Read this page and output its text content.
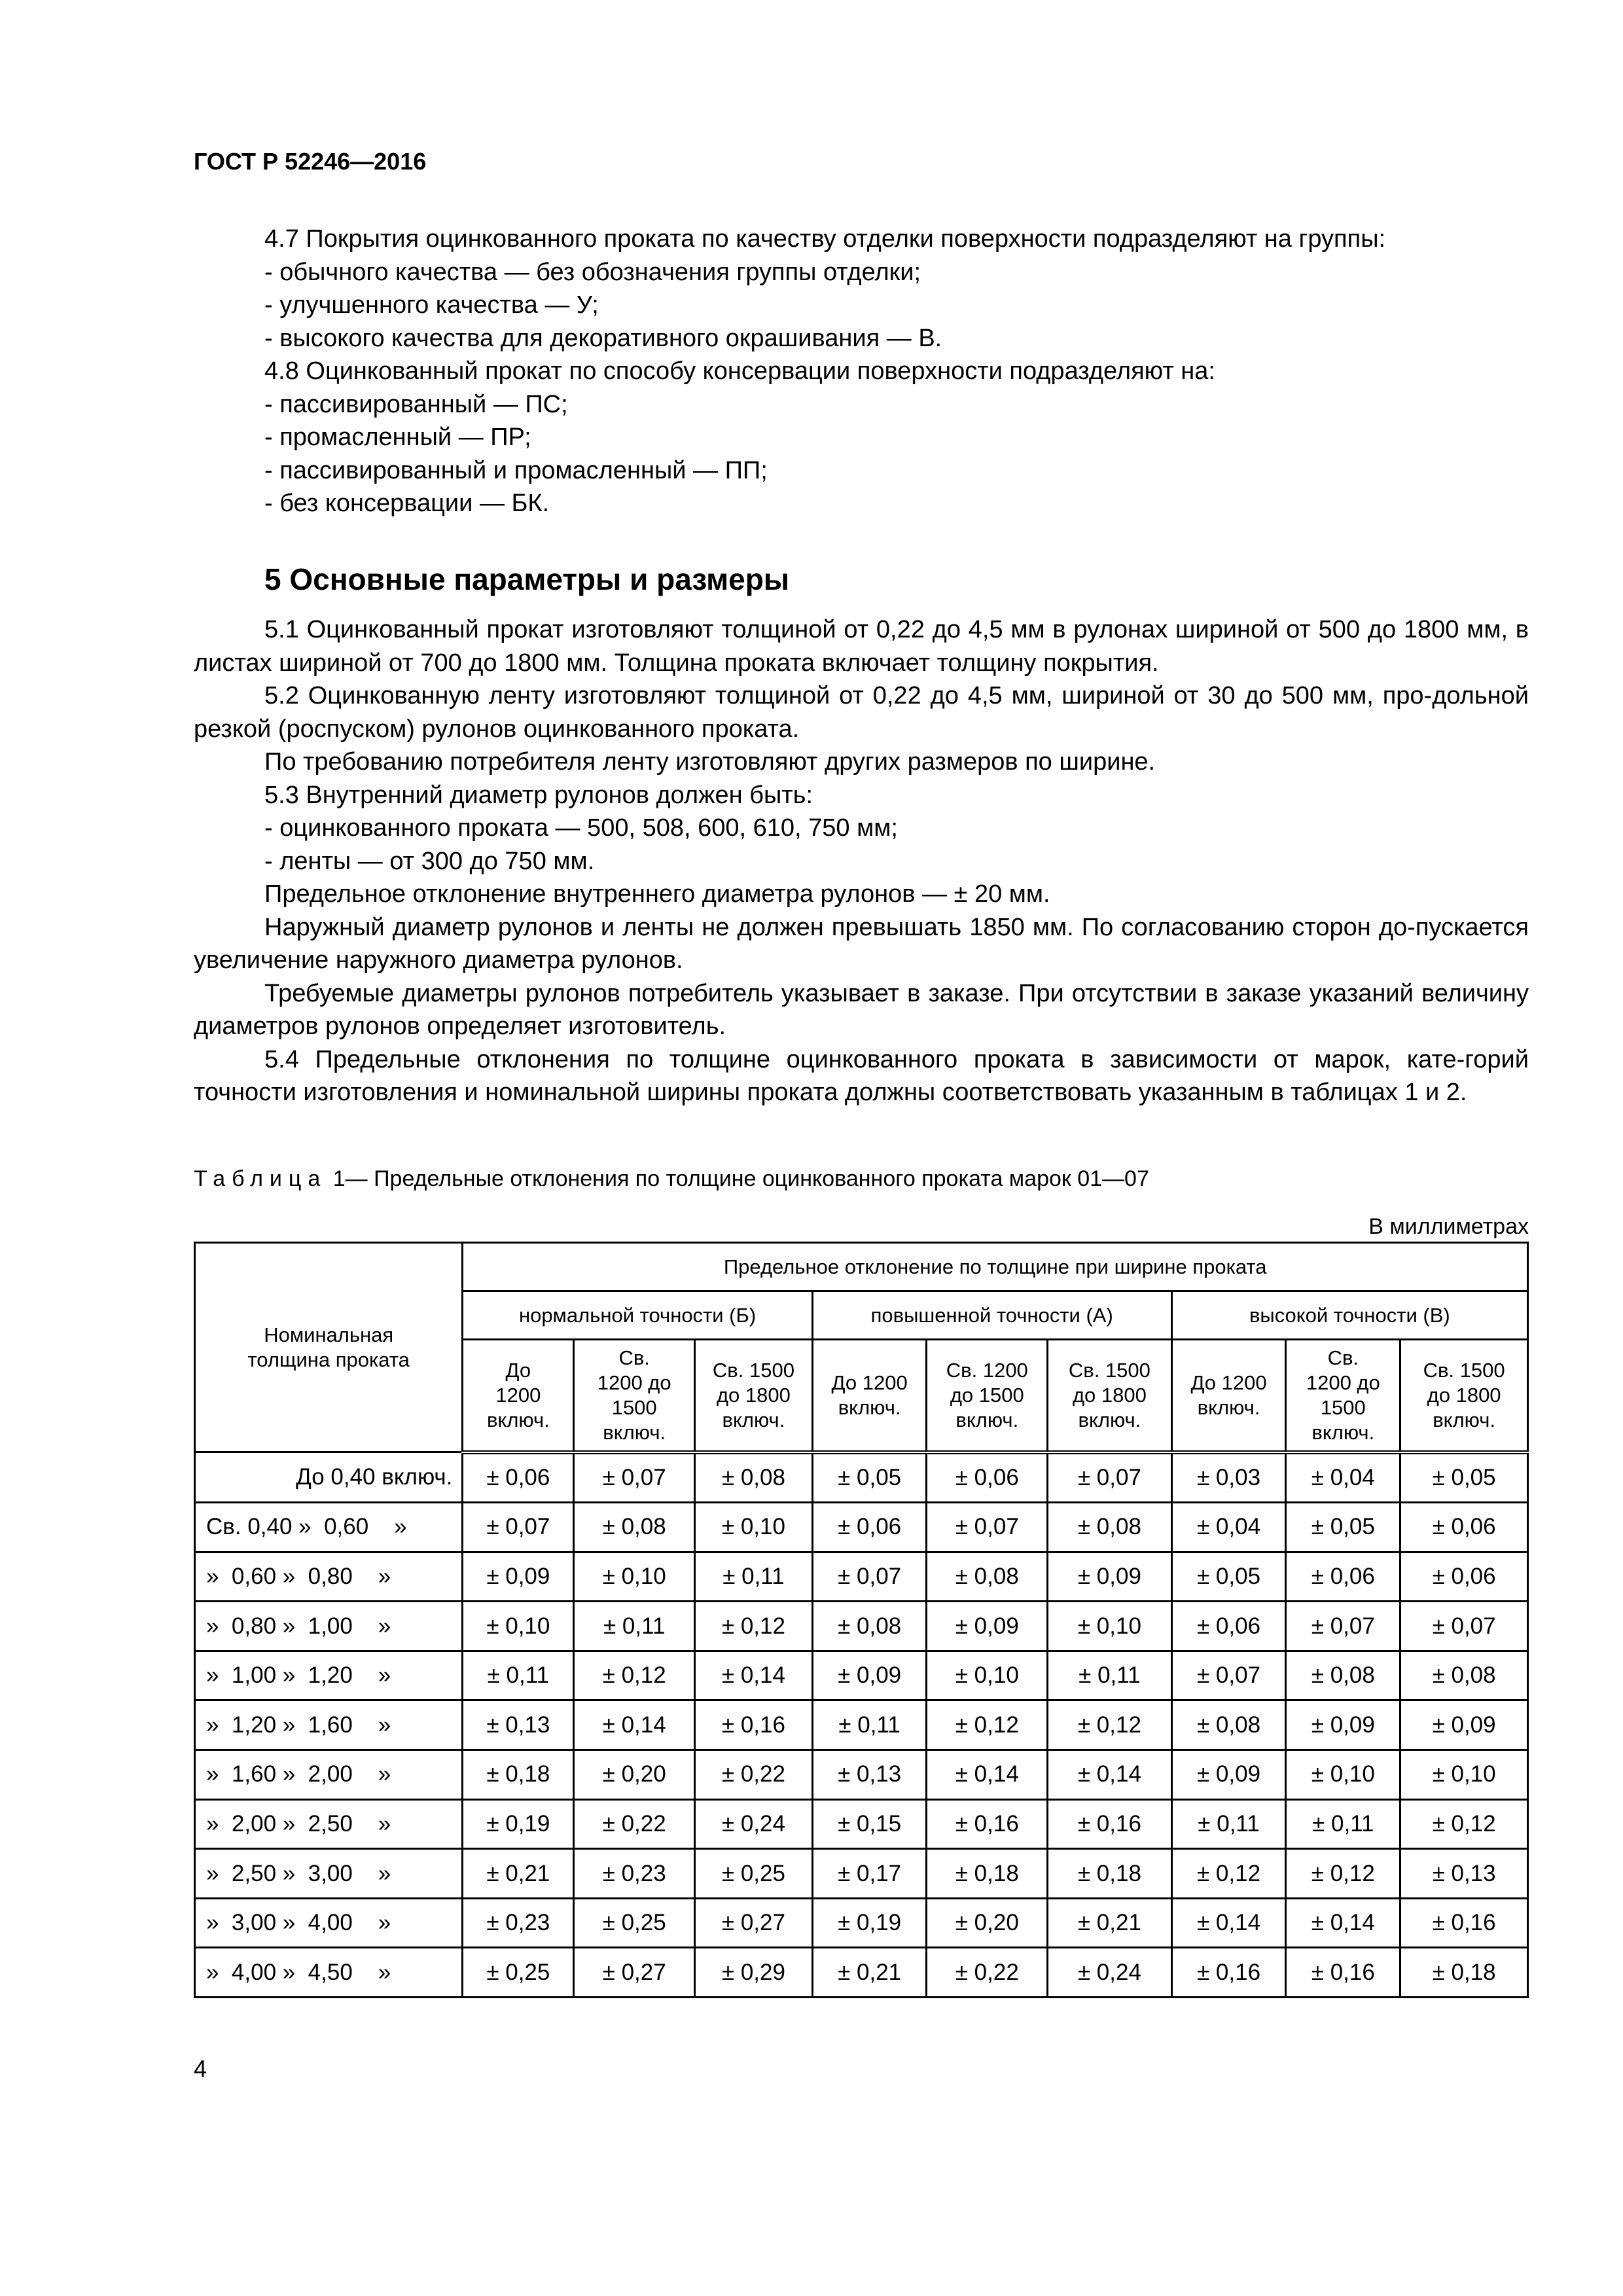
ГОСТ Р 52246—2016

4.7 Покрытия оцинкованного проката по качеству отделки поверхности подразделяют на группы:

- обычного качества — без обозначения группы отделки;

- улучшенного качества — У;

- высокого качества для декоративного окрашивания — В.

4.8 Оцинкованный прокат по способу консервации поверхности подразделяют на:

- пассивированный — ПС;

- промасленный — ПР;

- пассивированный и промасленный — ПП;

- без консервации — БК.

5 Основные параметры и размеры

5.1 Оцинкованный прокат изготовляют толщиной от 0,22 до 4,5 мм в рулонах шириной от 500 до 1800 мм, в листах шириной от 700 до 1800 мм. Толщина проката включает толщину покрытия.

5.2 Оцинкованную ленту изготовляют толщиной от 0,22 до 4,5 мм, шириной от 30 до 500 мм, про-дольной резкой (роспуском) рулонов оцинкованного проката.

По требованию потребителя ленту изготовляют других размеров по ширине.

5.3 Внутренний диаметр рулонов должен быть:

- оцинкованного проката — 500, 508, 600, 610, 750 мм;

- ленты — от 300 до 750 мм.

Предельное отклонение внутреннего диаметра рулонов — ± 20 мм.

Наружный диаметр рулонов и ленты не должен превышать 1850 мм. По согласованию сторон до-пускается увеличение наружного диаметра рулонов.

Требуемые диаметры рулонов потребитель указывает в заказе. При отсутствии в заказе указаний величину диаметров рулонов определяет изготовитель.

5.4 Предельные отклонения по толщине оцинкованного проката в зависимости от марок, кате-горий точности изготовления и номинальной ширины проката должны соответствовать указанным в таблицах 1 и 2.

Таблица 1— Предельные отклонения по толщине оцинкованного проката марок 01—07
В миллиметрах
Номинальная толщина проката	Предельное отклонение по толщине при ширине проката								
	нормальной точности (Б)			повышенной точности (А)			высокой точности (В)		
	До 1200 включ.	Св. 1200 до 1500 включ.	Св. 1500 до 1800 включ.	До 1200 включ.	Св. 1200 до 1500 включ.	Св. 1500 до 1800 включ.	До 1200 включ.	Св. 1200 до 1500 включ.	Св. 1500 до 1800 включ.
До 0,40 включ.	± 0,06	± 0,07	± 0,08	± 0,05	± 0,06	± 0,07	± 0,03	± 0,04	± 0,05
Св. 0,40 »  0,60    »	± 0,07	± 0,08	± 0,10	± 0,06	± 0,07	± 0,08	± 0,04	± 0,05	± 0,06
»  0,60 »  0,80    »	± 0,09	± 0,10	± 0,11	± 0,07	± 0,08	± 0,09	± 0,05	± 0,06	± 0,06
»  0,80 »  1,00    »	± 0,10	± 0,11	± 0,12	± 0,08	± 0,09	± 0,10	± 0,06	± 0,07	± 0,07
»  1,00 »  1,20    »	± 0,11	± 0,12	± 0,14	± 0,09	± 0,10	± 0,11	± 0,07	± 0,08	± 0,08
»  1,20 »  1,60    »	± 0,13	± 0,14	± 0,16	± 0,11	± 0,12	± 0,12	± 0,08	± 0,09	± 0,09
»  1,60 »  2,00    »	± 0,18	± 0,20	± 0,22	± 0,13	± 0,14	± 0,14	± 0,09	± 0,10	± 0,10
»  2,00 »  2,50    »	± 0,19	± 0,22	± 0,24	± 0,15	± 0,16	± 0,16	± 0,11	± 0,11	± 0,12
»  2,50 »  3,00    »	± 0,21	± 0,23	± 0,25	± 0,17	± 0,18	± 0,18	± 0,12	± 0,12	± 0,13
»  3,00 »  4,00    »	± 0,23	± 0,25	± 0,27	± 0,19	± 0,20	± 0,21	± 0,14	± 0,14	± 0,16
»  4,00 »  4,50    »	± 0,25	± 0,27	± 0,29	± 0,21	± 0,22	± 0,24	± 0,16	± 0,16	± 0,18
4
